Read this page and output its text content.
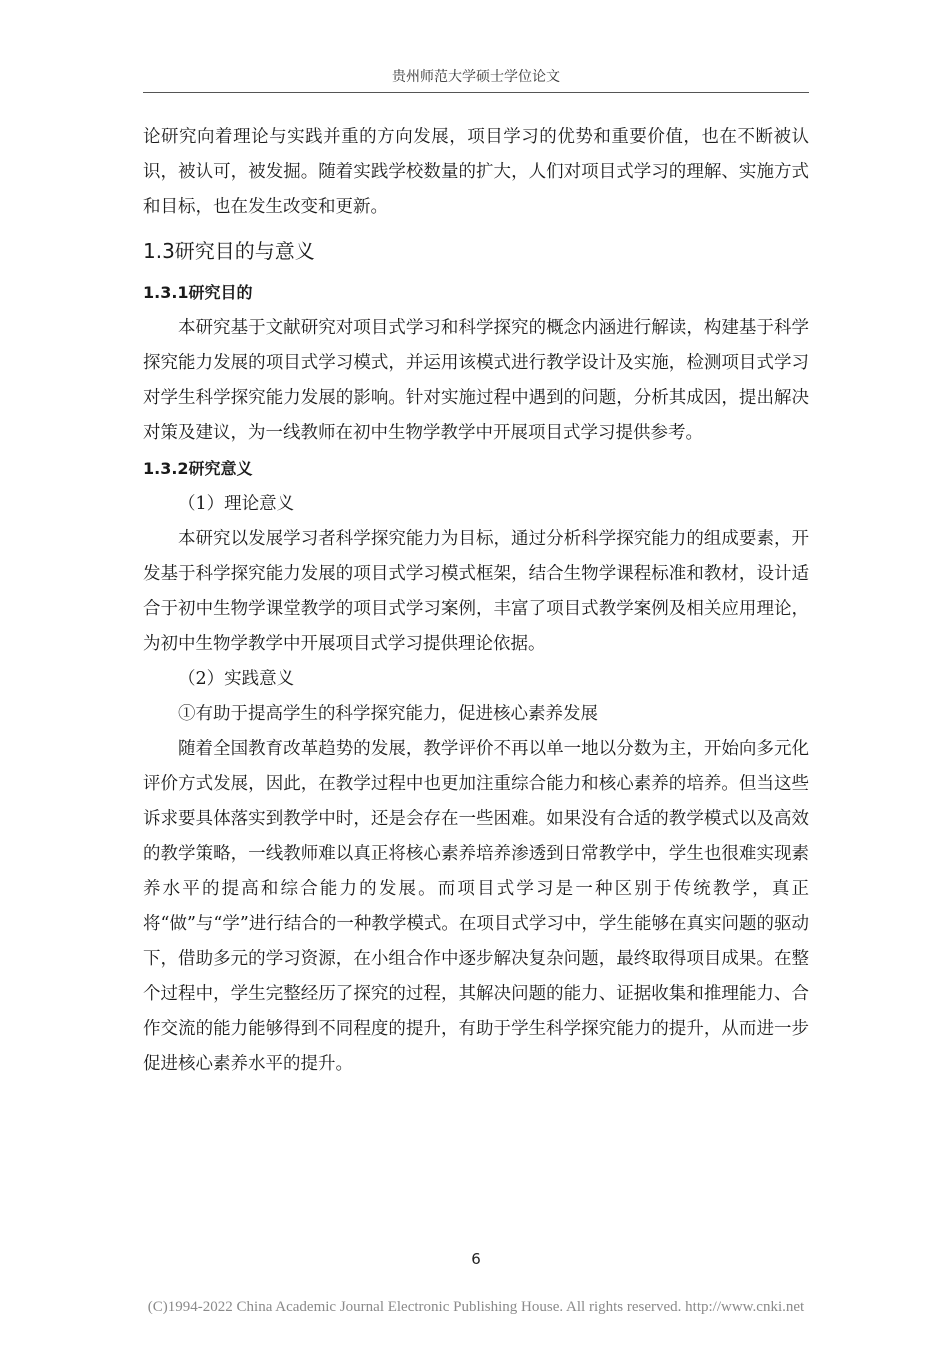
贵州师范大学硕士学位论文

论研究向着理论与实践并重的方向发展，项目学习的优势和重要价值，也在不断被认识，被认可，被发掘。随着实践学校数量的扩大，人们对项目式学习的理解、实施方式和目标，也在发生改变和更新。

1.3研究目的与意义
1.3.1研究目的

本研究基于文献研究对项目式学习和科学探究的概念内涵进行解读，构建基于科学探究能力发展的项目式学习模式，并运用该模式进行教学设计及实施，检测项目式学习对学生科学探究能力发展的影响。针对实施过程中遇到的问题，分析其成因，提出解决对策及建议，为一线教师在初中生物学教学中开展项目式学习提供参考。

1.3.2研究意义

（1）理论意义

本研究以发展学习者科学探究能力为目标，通过分析科学探究能力的组成要素，开发基于科学探究能力发展的项目式学习模式框架，结合生物学课程标准和教材，设计适合于初中生物学课堂教学的项目式学习案例，丰富了项目式教学案例及相关应用理论，为初中生物学教学中开展项目式学习提供理论依据。

（2）实践意义

①有助于提高学生的科学探究能力，促进核心素养发展

随着全国教育改革趋势的发展，教学评价不再以单一地以分数为主，开始向多元化评价方式发展，因此，在教学过程中也更加注重综合能力和核心素养的培养。但当这些诉求要具体落实到教学中时，还是会存在一些困难。如果没有合适的教学模式以及高效的教学策略，一线教师难以真正将核心素养培养渗透到日常教学中，学生也很难实现素养水平的提高和综合能力的发展。而项目式学习是一种区别于传统教学，真正将“做”与“学”进行结合的一种教学模式。在项目式学习中，学生能够在真实问题的驱动下，借助多元的学习资源，在小组合作中逐步解决复杂问题，最终取得项目成果。在整个过程中，学生完整经历了探究的过程，其解决问题的能力、证据收集和推理能力、合作交流的能力能够得到不同程度的提升，有助于学生科学探究能力的提升，从而进一步促进核心素养水平的提升。

6
(C)1994-2022 China Academic Journal Electronic Publishing House. All rights reserved. http://www.cnki.net
